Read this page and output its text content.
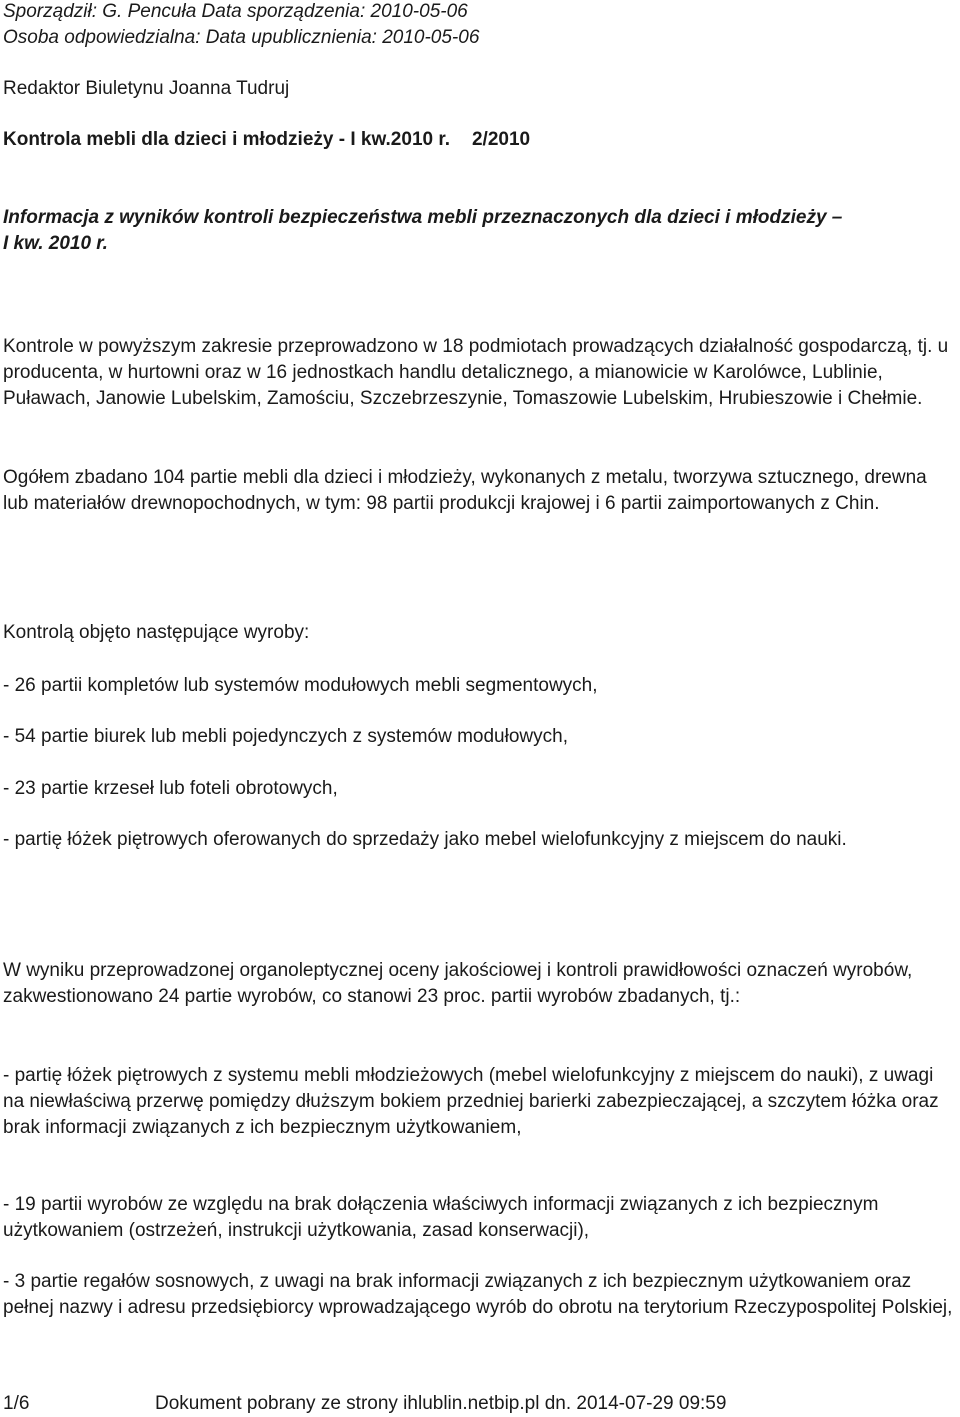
Sporządził: G. Pencuła Data sporządzenia: 2010-05-06
Osoba odpowiedzialna: Data upublicznienia: 2010-05-06
Redaktor Biuletynu Joanna Tudruj
Kontrola mebli dla dzieci i młodzieży - I kw.2010 r. 2/2010
Informacja z wyników kontroli bezpieczeństwa mebli przeznaczonych dla dzieci i młodzieży –
I kw. 2010 r.

Kontrole w powyższym zakresie przeprowadzono w 18 podmiotach prowadzących działalność gospodarczą, tj. u producenta, w hurtowni oraz w 16 jednostkach handlu detalicznego, a mianowicie w Karolówce, Lublinie, Puławach, Janowie Lubelskim, Zamościu, Szczebrzeszynie, Tomaszowie Lubelskim, Hrubieszowie i Chełmie.

Ogółem zbadano 104 partie mebli dla dzieci i młodzieży, wykonanych z metalu, tworzywa sztucznego, drewna lub materiałów drewnopochodnych, w tym: 98 partii produkcji krajowej i 6 partii zaimportowanych z Chin.

Kontrolą objęto następujące wyroby:

- 26 partii kompletów lub systemów modułowych mebli segmentowych,

- 54 partie biurek lub mebli pojedynczych z systemów modułowych,

- 23 partie krzeseł lub foteli obrotowych,

- partię łóżek piętrowych oferowanych do sprzedaży jako mebel wielofunkcyjny z miejscem do nauki.

W wyniku przeprowadzonej organoleptycznej oceny jakościowej i kontroli prawidłowości oznaczeń wyrobów, zakwestionowano 24 partie wyrobów, co stanowi 23 proc. partii wyrobów zbadanych, tj.:

- partię łóżek piętrowych z systemu mebli młodzieżowych (mebel wielofunkcyjny z miejscem do nauki), z uwagi na niewłaściwą przerwę pomiędzy dłuższym bokiem przedniej barierki zabezpieczającej, a szczytem łóżka oraz brak informacji związanych z ich bezpiecznym użytkowaniem,

- 19 partii wyrobów ze względu na brak dołączenia właściwych informacji związanych z ich bezpiecznym użytkowaniem (ostrzeżeń, instrukcji użytkowania, zasad konserwacji),

- 3 partie regałów sosnowych, z uwagi na brak informacji związanych z ich bezpiecznym użytkowaniem oraz pełnej nazwy i adresu przedsiębiorcy wprowadzającego wyrób do obrotu na terytorium Rzeczypospolitej Polskiej,

1/6	Dokument pobrany ze strony ihlublin.netbip.pl dn. 2014-07-29 09:59
